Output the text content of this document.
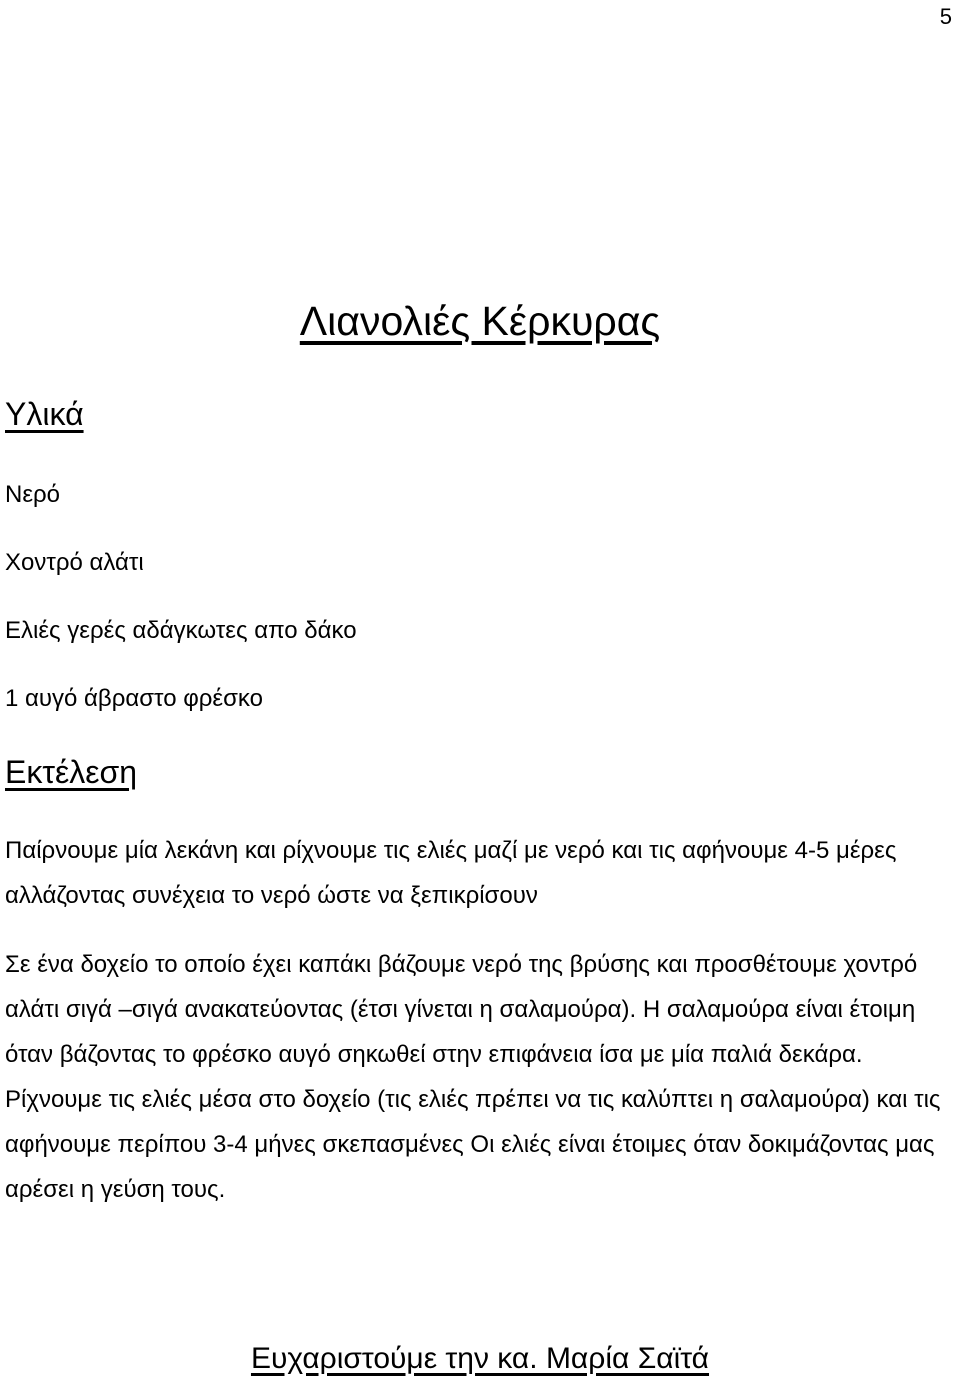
5
Λιανολιές Κέρκυρας
Υλικά

Νερό

Χοντρό αλάτι

Ελιές γερές αδάγκωτες απο δάκο

1 αυγό άβραστο φρέσκο

Εκτέλεση

Παίρνουμε μία λεκάνη και ρίχνουμε τις ελιές μαζί με νερό και τις αφήνουμε 4-5 μέρες αλλάζοντας συνέχεια το νερό ώστε να ξεπικρίσουν

Σε ένα δοχείο το οποίο έχει καπάκι βάζουμε νερό της βρύσης και προσθέτουμε χοντρό αλάτι σιγά –σιγά ανακατεύοντας (έτσι γίνεται η σαλαμούρα). Η σαλαμούρα είναι έτοιμη όταν βάζοντας το φρέσκο αυγό σηκωθεί στην επιφάνεια ίσα με μία παλιά δεκάρα. Ρίχνουμε τις ελιές μέσα στο δοχείο (τις ελιές πρέπει να τις καλύπτει η σαλαμούρα) και τις αφήνουμε περίπου 3-4 μήνες σκεπασμένες Οι ελιές είναι έτοιμες όταν δοκιμάζοντας μας αρέσει η γεύση τους.

Ευχαριστούμε την κα. Μαρία Σαϊτά
